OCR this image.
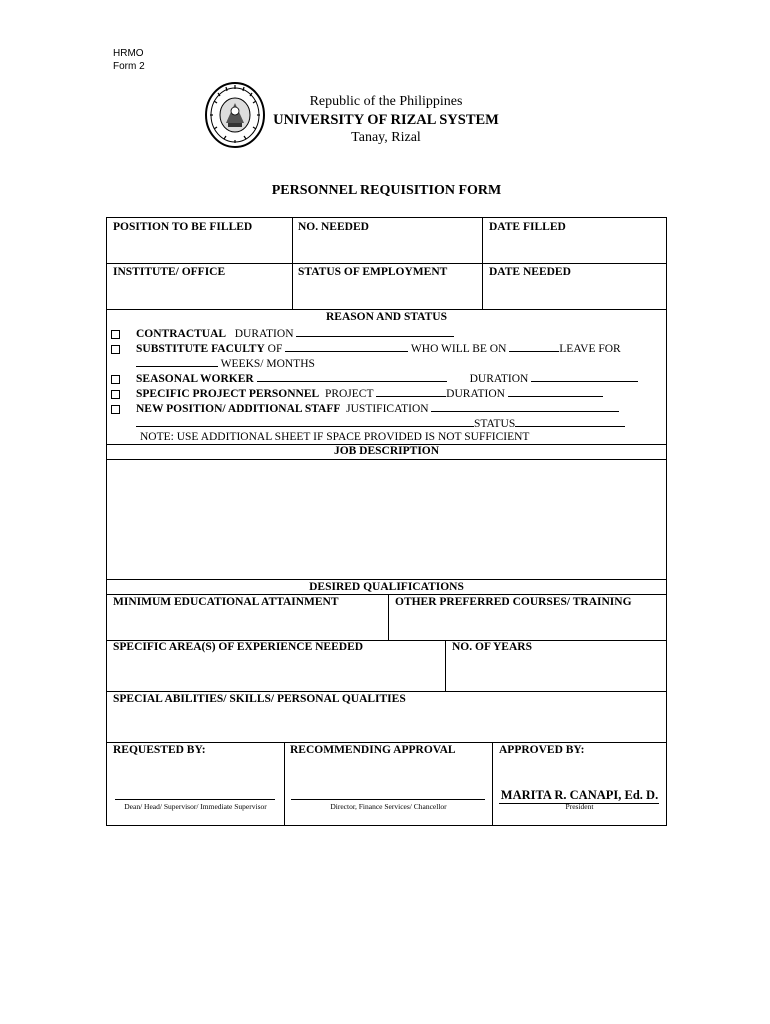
HRMO
Form 2
Republic of the Philippines
UNIVERSITY OF RIZAL SYSTEM
Tanay, Rizal
PERSONNEL REQUISITION FORM
POSITION TO BE FILLED	NO. NEEDED	DATE FILLED
INSTITUTE/ OFFICE	STATUS OF EMPLOYMENT	DATE NEEDED
REASON AND STATUS
CONTRACTUAL DURATION
SUBSTITUTE FACULTY OF	WHO WILL BE ON	LEAVE FOR
WEEKS/ MONTHS
SEASONAL WORKER	DURATION
SPECIFIC PROJECT PERSONNEL PROJECT	DURATION
NEW POSITION/ ADDITIONAL STAFF JUSTIFICATION
STATUS
NOTE: USE ADDITIONAL SHEET IF SPACE PROVIDED IS NOT SUFFICIENT
JOB DESCRIPTION
DESIRED QUALIFICATIONS
MINIMUM EDUCATIONAL ATTAINMENT	OTHER PREFERRED COURSES/ TRAINING
SPECIFIC AREA(S) OF EXPERIENCE NEEDED	NO. OF YEARS
SPECIAL ABILITIES/ SKILLS/ PERSONAL QUALITIES
REQUESTED BY:	RECOMMENDING APPROVAL	APPROVED BY:
Dean/ Head/ Supervisor/ Immediate Supervisor	Director, Finance Services/ Chancellor
MARITA R. CANAPI, Ed. D.
President
